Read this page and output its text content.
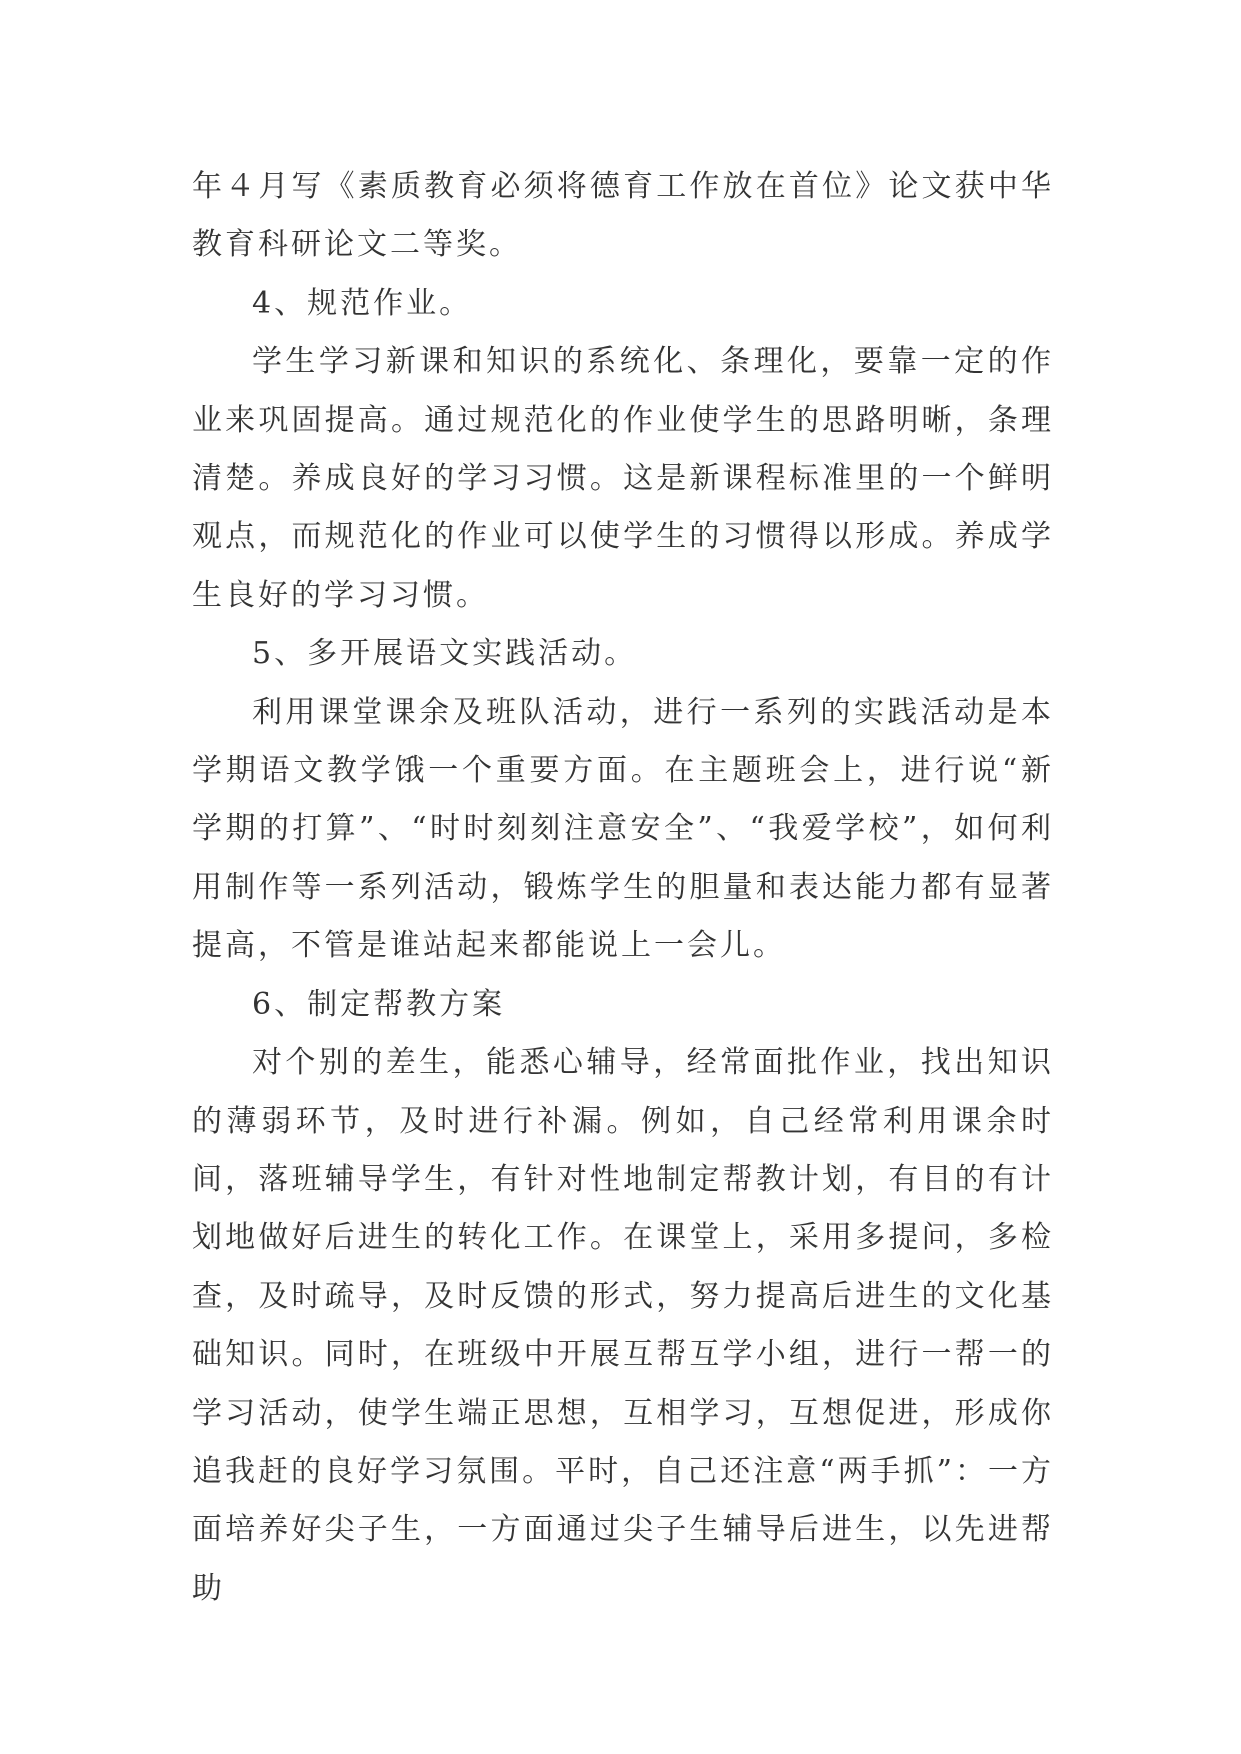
年４月写《素质教育必须将德育工作放在首位》论文获中华教育科研论文二等奖。

4、规范作业。

学生学习新课和知识的系统化、条理化，要靠一定的作业来巩固提高。通过规范化的作业使学生的思路明晰，条理清楚。养成良好的学习习惯。这是新课程标准里的一个鲜明观点，而规范化的作业可以使学生的习惯得以形成。养成学生良好的学习习惯。

5、多开展语文实践活动。

利用课堂课余及班队活动，进行一系列的实践活动是本学期语文教学饿一个重要方面。在主题班会上，进行说“新学期的打算”、“时时刻刻注意安全”、“我爱学校”，如何利用制作等一系列活动，锻炼学生的胆量和表达能力都有显著提高，不管是谁站起来都能说上一会儿。

6、制定帮教方案

对个别的差生，能悉心辅导，经常面批作业，找出知识的薄弱环节，及时进行补漏。例如，自己经常利用课余时间，落班辅导学生，有针对性地制定帮教计划，有目的有计划地做好后进生的转化工作。在课堂上，采用多提问，多检查，及时疏导，及时反馈的形式，努力提高后进生的文化基础知识。同时，在班级中开展互帮互学小组，进行一帮一的学习活动，使学生端正思想，互相学习，互想促进，形成你追我赶的良好学习氛围。平时，自己还注意“两手抓”：一方面培养好尖子生，一方面通过尖子生辅导后进生，以先进帮助
